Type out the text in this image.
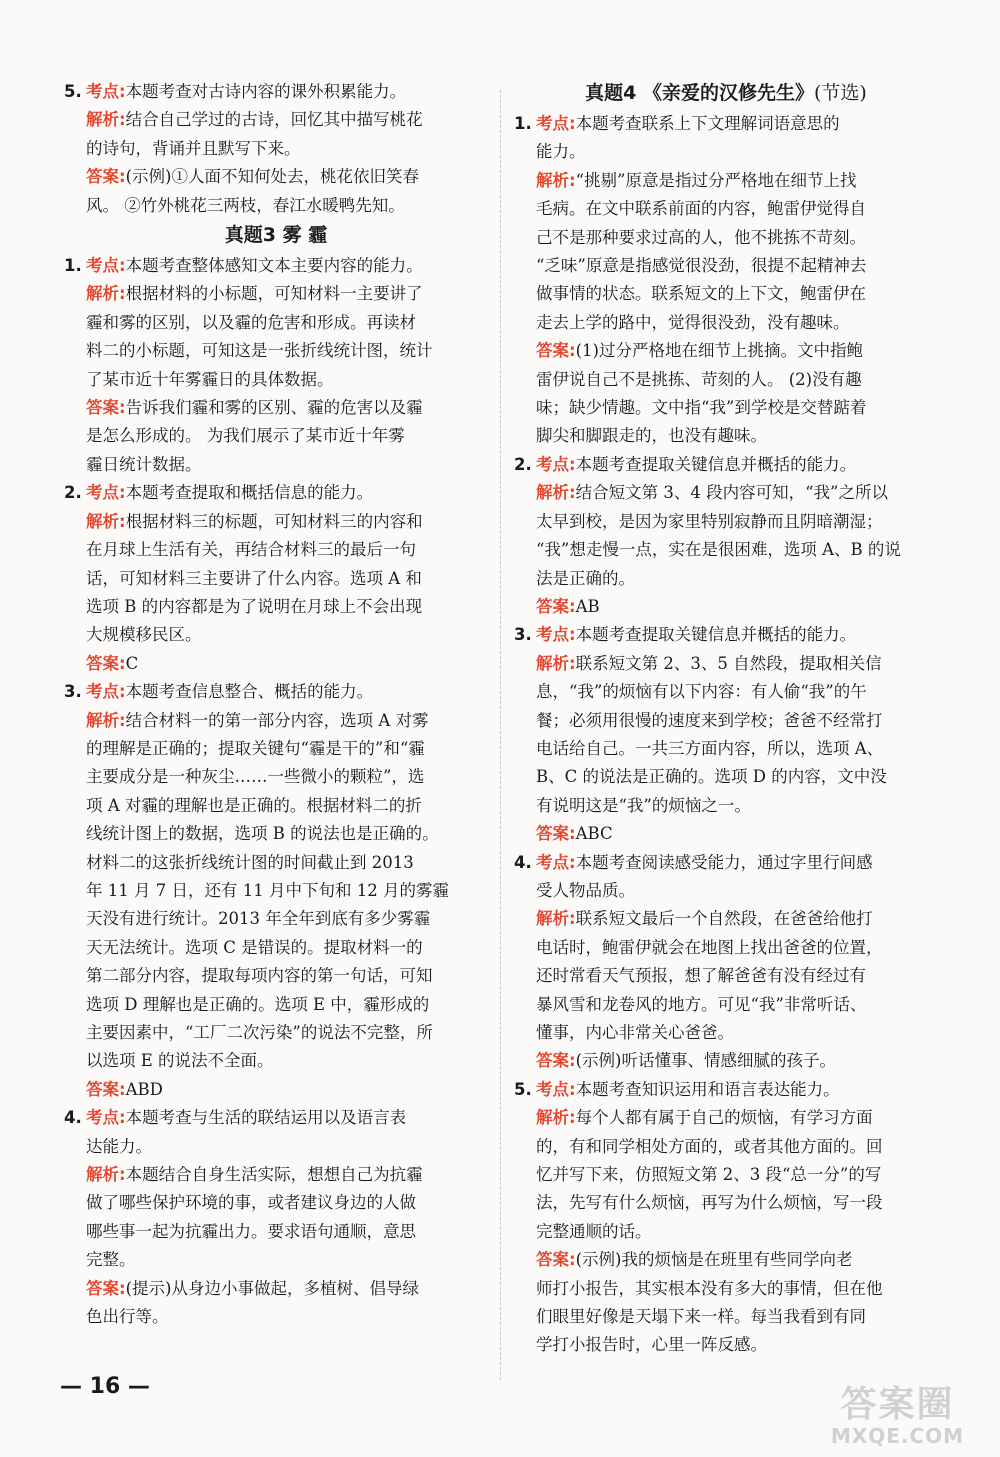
5. 考点:本题考查对古诗内容的课外积累能力。

解析:结合自己学过的古诗，回忆其中描写桃花

的诗句，背诵并且默写下来。

答案:(示例)①人面不知何处去，桃花依旧笑春

风。 ②竹外桃花三两枝，春江水暖鸭先知。

真题3 雾 霾

1. 考点:本题考查整体感知文本主要内容的能力。

解析:根据材料的小标题，可知材料一主要讲了

霾和雾的区别，以及霾的危害和形成。再读材

料二的小标题，可知这是一张折线统计图，统计

了某市近十年雾霾日的具体数据。

答案:告诉我们霾和雾的区别、霾的危害以及霾

是怎么形成的。 为我们展示了某市近十年雾

霾日统计数据。

2. 考点:本题考查提取和概括信息的能力。

解析:根据材料三的标题，可知材料三的内容和

在月球上生活有关，再结合材料三的最后一句

话，可知材料三主要讲了什么内容。选项 A 和

选项 B 的内容都是为了说明在月球上不会出现

大规模移民区。

答案:C

3. 考点:本题考查信息整合、概括的能力。

解析:结合材料一的第一部分内容，选项 A 对雾

的理解是正确的；提取关键句“霾是干的”和“霾

主要成分是一种灰尘……一些微小的颗粒”，选

项 A 对霾的理解也是正确的。根据材料二的折

线统计图上的数据，选项 B 的说法也是正确的。

材料二的这张折线统计图的时间截止到 2013

年 11 月 7 日，还有 11 月中下旬和 12 月的雾霾

天没有进行统计。2013 年全年到底有多少雾霾

天无法统计。选项 C 是错误的。提取材料一的

第二部分内容，提取每项内容的第一句话，可知

选项 D 理解也是正确的。选项 E 中，霾形成的

主要因素中，“工厂二次污染”的说法不完整，所

以选项 E 的说法不全面。

答案:ABD

4. 考点:本题考查与生活的联结运用以及语言表

达能力。

解析:本题结合自身生活实际，想想自己为抗霾

做了哪些保护环境的事，或者建议身边的人做

哪些事一起为抗霾出力。要求语句通顺，意思

完整。

答案:(提示)从身边小事做起，多植树、倡导绿

色出行等。

真题4 《亲爱的汉修先生》(节选)

1. 考点:本题考查联系上下文理解词语意思的

能力。

解析:“挑剔”原意是指过分严格地在细节上找

毛病。在文中联系前面的内容，鲍雷伊觉得自

己不是那种要求过高的人，他不挑拣不苛刻。

“乏味”原意是指感觉很没劲，很提不起精神去

做事情的状态。联系短文的上下文，鲍雷伊在

走去上学的路中，觉得很没劲，没有趣味。

答案:(1)过分严格地在细节上挑摘。文中指鲍

雷伊说自己不是挑拣、苛刻的人。 (2)没有趣

味；缺少情趣。文中指“我”到学校是交替踮着

脚尖和脚跟走的，也没有趣味。

2. 考点:本题考查提取关键信息并概括的能力。

解析:结合短文第 3、4 段内容可知，“我”之所以

太早到校，是因为家里特别寂静而且阴暗潮湿；

“我”想走慢一点，实在是很困难，选项 A、B 的说

法是正确的。

答案:AB

3. 考点:本题考查提取关键信息并概括的能力。

解析:联系短文第 2、3、5 自然段，提取相关信

息，“我”的烦恼有以下内容：有人偷“我”的午

餐；必须用很慢的速度来到学校；爸爸不经常打

电话给自己。一共三方面内容，所以，选项 A、

B、C 的说法是正确的。选项 D 的内容，文中没

有说明这是“我”的烦恼之一。

答案:ABC

4. 考点:本题考查阅读感受能力，通过字里行间感

受人物品质。

解析:联系短文最后一个自然段，在爸爸给他打

电话时，鲍雷伊就会在地图上找出爸爸的位置，

还时常看天气预报，想了解爸爸有没有经过有

暴风雪和龙卷风的地方。可见“我”非常听话、

懂事，内心非常关心爸爸。

答案:(示例)听话懂事、情感细腻的孩子。

5. 考点:本题考查知识运用和语言表达能力。

解析:每个人都有属于自己的烦恼，有学习方面

的，有和同学相处方面的，或者其他方面的。回

忆并写下来，仿照短文第 2、3 段“总一分”的写

法，先写有什么烦恼，再写为什么烦恼，写一段

完整通顺的话。

答案:(示例)我的烦恼是在班里有些同学向老

师打小报告，其实根本没有多大的事情，但在他

们眼里好像是天塌下来一样。每当我看到有同

学打小报告时，心里一阵反感。

— 16 —	答案圈
MXQE.COM
